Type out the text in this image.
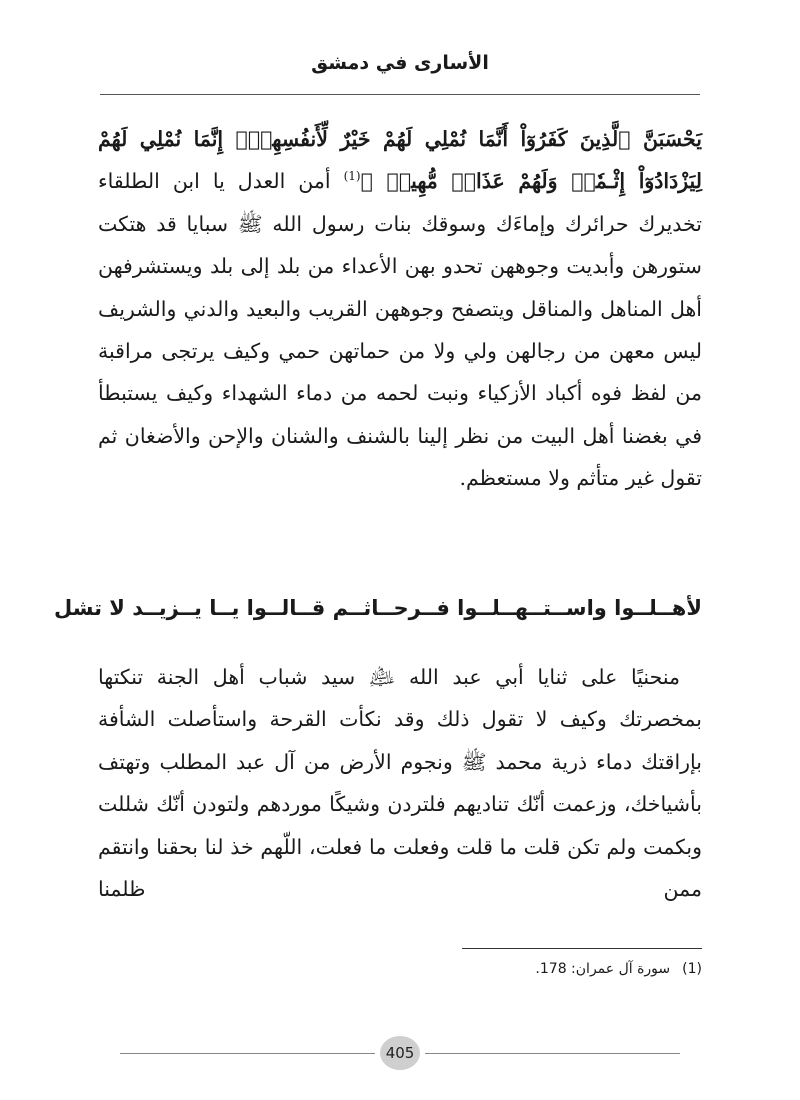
الأسارى في دمشق

يَحْسَبَنَّ ٱلَّذِينَ كَفَرُوٓاْ أَنَّمَا نُمْلِي لَهُمْ خَيْرٌ لِّأَنفُسِهِمْۚ إِنَّمَا نُمْلِي لَهُمْ لِيَزْدَادُوٓاْ إِثْـمٗاۚ وَلَهُمْ عَذَابٞ مُّهِينٞ ﴾$^{(1)}$ أمن العدل يا ابن الطلقاء تخديرك حرائرك وإماءَك وسوقك بنات رسول الله ﷺ سبايا قد هتكت ستورهن وأبديت وجوههن تحدو بهن الأعداء من بلد إلى بلد ويستشرفهن أهل المناهل والمناقل ويتصفح وجوههن القريب والبعيد والدني والشريف ليس معهن من رجالهن ولي ولا من حماتهن حمي وكيف يرتجى مراقبة من لفظ فوه أكباد الأزكياء ونبت لحمه من دماء الشهداء وكيف يستبطأ في بغضنا أهل البيت من نظر إلينا بالشنف والشنان والإحن والأضغان ثم تقول غير متأثم ولا مستعظم.

لأهــلــوا واســتــهــلــوا فــرحــا
ثــم قــالــوا يــا يــزيــد لا تشل

منحنيًا على ثنايا أبي عبد الله ﵇ سيد شباب أهل الجنة تنكتها بمخصرتك وكيف لا تقول ذلك وقد نكأت القرحة واستأصلت الشأفة بإراقتك دماء ذرية محمد ﷺ ونجوم الأرض من آل عبد المطلب وتهتف بأشياخك، وزعمت أنّك تناديهم فلتردن وشيكًا موردهم ولتودن أنّك شللت وبكمت ولم تكن قلت ما قلت وفعلت ما فعلت، اللّهم خذ لنا بحقنا وانتقم ممن ظلمنا

(1)سورة آل عمران: 178.
405
